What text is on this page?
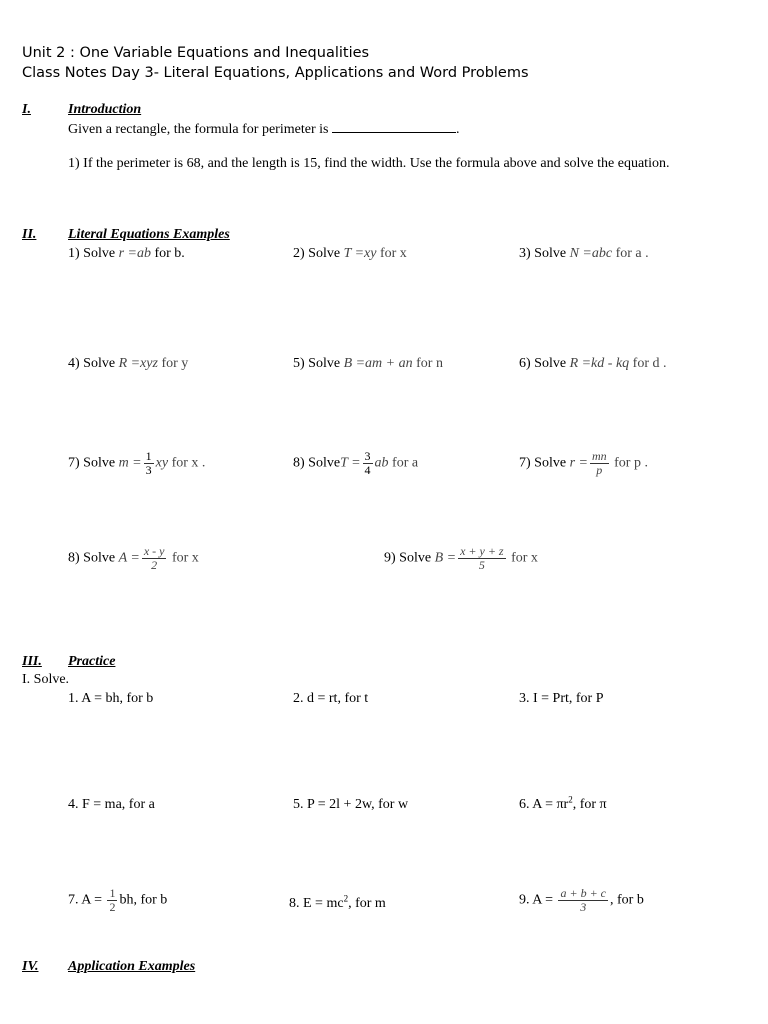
Unit 2 : One Variable Equations and Inequalities
Class Notes Day 3- Literal Equations, Applications and Word Problems
I.	Introduction
Given a rectangle, the formula for perimeter is	.
1) If the perimeter is 68, and the length is 15, find the width. Use the formula above and solve the equation.
II. Literal Equations Examples
1) Solve r =ab for b.	2) Solve T =xy for x	3) Solve N =abc for a .
4) Solve R =xyz for y	5) Solve B =am + an for n	6) Solve R =kd - kq for d .
7) Solve $m = \frac{1}{3}$ xy for x .	8) SolveT = $\frac{3}{4}$ ab for a	7) Solve $r = \frac{mn}{p}$ for p .
8) Solve $A = \frac{x - y}{2}$ for x	9) Solve $B = \frac{x + y + z}{5}$ for x
III. Practice
I. Solve.
1. A = bh, for b	2. d = rt, for t	3. I = Prt, for P
4. F = ma, for a	5. P = 2l + 2w, for w	6. $A = \pi r^2$, for π
7. $A = \frac{1}{2}$ bh, for b	8. $E = mc^2$, for m	9. $A = \frac{a + b + c}{3}$ , for b
IV. Application Examples
